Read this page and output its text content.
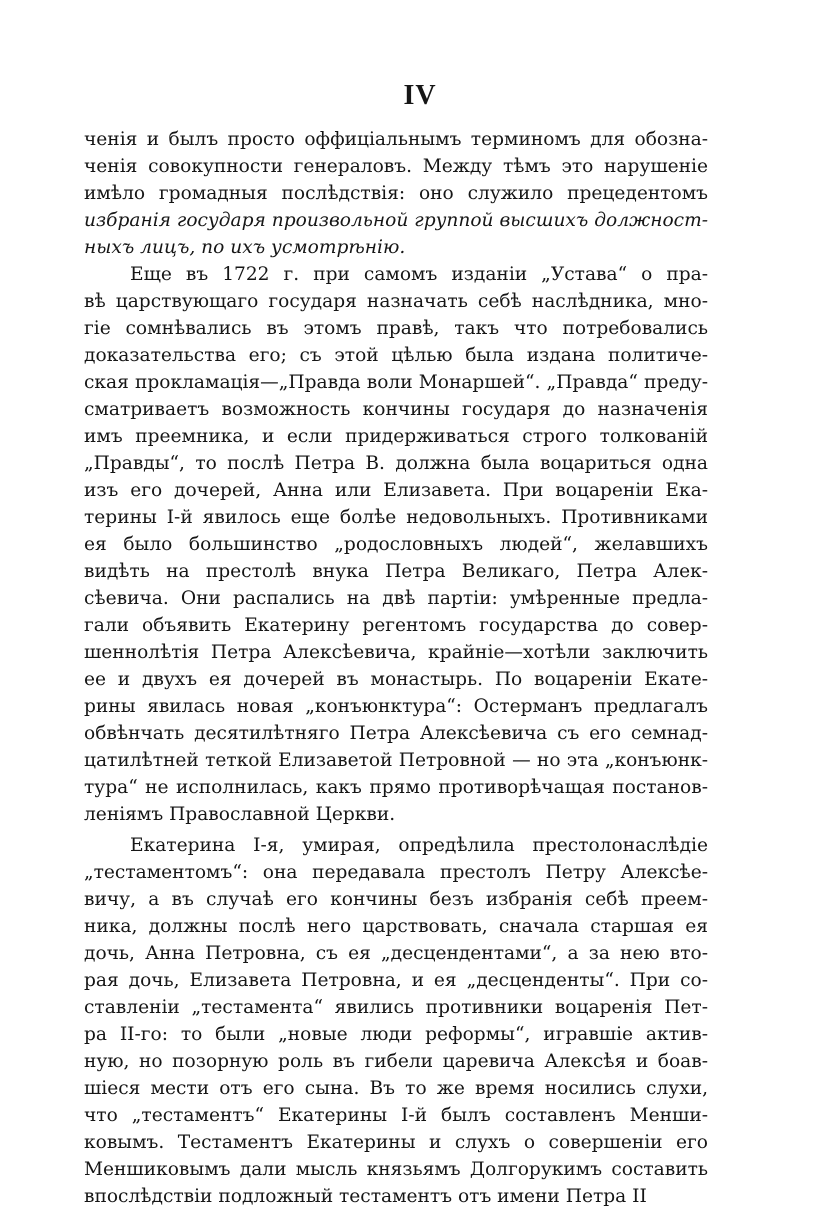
IV
ченія и былъ просто оффиціальнымъ терминомъ для обозна-
ченія совокупности генераловъ. Между тѣмъ это нарушеніе
имѣло громадныя послѣдствія: оно служило прецедентомъ
избранія государя произвольной группой высшихъ должност-
ныхъ лицъ, по ихъ усмотрѣнію.
Еще въ 1722 г. при самомъ изданіи „Устава“ о пра-
вѣ царствующаго государя назначать себѣ наслѣдника, мно-
гіе сомнѣвались въ этомъ правѣ, такъ что потребовались
доказательства его; съ этой цѣлью была издана политиче-
ская прокламація—„Правда воли Монаршей“. „Правда“ преду-
сматриваетъ возможность кончины государя до назначенія
имъ преемника, и если придерживаться строго толкованій
„Правды“, то послѣ Петра В. должна была воцариться одна
изъ его дочерей, Анна или Елизавета. При воцареніи Ека-
терины I-й явилось еще болѣе недовольныхъ. Противниками
ея было большинство „родословныхъ людей“, желавшихъ
видѣть на престолѣ внука Петра Великаго, Петра Алек-
сѣевича. Они распались на двѣ партіи: умѣренные предла-
гали объявить Екатерину регентомъ государства до совер-
шеннолѣтія Петра Алексѣевича, крайніе—хотѣли заключить
ее и двухъ ея дочерей въ монастырь. По воцареніи Екате-
рины явилась новая „конъюнктура“: Остерманъ предлагалъ
обвѣнчать десятилѣтняго Петра Алексѣевича съ его семнад-
цатилѣтней теткой Елизаветой Петровной — но эта „конъюнк-
тура“ не исполнилась, какъ прямо противорѣчащая постанов-
леніямъ Православной Церкви.
Екатерина I-я, умирая, опредѣлила престолонаслѣдіе
„тестаментомъ“: она передавала престолъ Петру Алексѣе-
вичу, а въ случаѣ его кончины безъ избранія себѣ преем-
ника, должны послѣ него царствовать, сначала старшая ея
дочь, Анна Петровна, съ ея „десцендентами“, а за нею вто-
рая дочь, Елизавета Петровна, и ея „десценденты“. При со-
ставленіи „тестамента“ явились противники воцаренія Пет-
ра II-го: то были „новые люди реформы“, игравшіе актив-
ную, но позорную роль въ гибели царевича Алексѣя и боав-
шіеся мести отъ его сына. Въ то же время носились слухи,
что „тестаментъ“ Екатерины I-й былъ составленъ Менши-
ковымъ. Тестаментъ Екатерины и слухъ о совершеніи его
Меншиковымъ дали мысль князьямъ Долгорукимъ составить
впослѣдствіи подложный тестаментъ отъ имени Петра II
